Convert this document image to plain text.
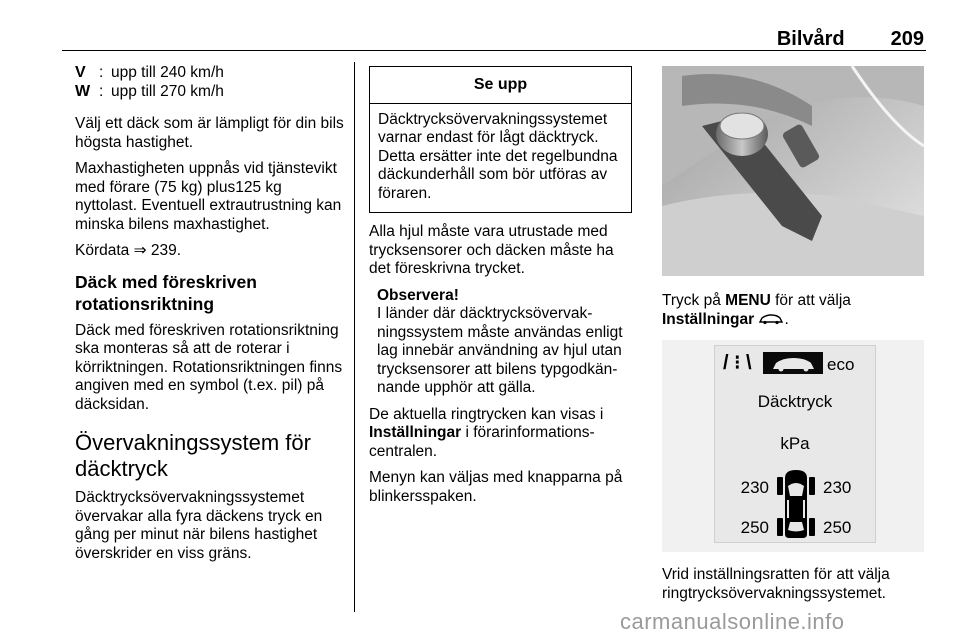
Bilvård 209
V : upp till 240 km/h
W : upp till 270 km/h

Välj ett däck som är lämpligt för din bils högsta hastighet.

Maxhastigheten uppnås vid tjänstevikt med förare (75 kg) plus125 kg nyttolast. Eventuell extrautrustning kan minska bilens maxhastighet.

Kördata ⇒ 239.

Däck med föreskriven rotationsriktning

Däck med föreskriven rotationsriktning ska monteras så att de roterar i körriktningen. Rotationsriktningen finns angiven med en symbol (t.ex. pil) på däcksidan.

Övervakningssystem för däcktryck

Däcktrycksövervakningssystemet övervakar alla fyra däckens tryck en gång per minut när bilens hastighet överskrider en viss gräns.

Se upp
Däcktrycksövervakningssystemet varnar endast för lågt däcktryck. Detta ersätter inte det regelbundna däckunderhåll som bör utföras av föraren.

Alla hjul måste vara utrustade med trycksensorer och däcken måste ha det föreskrivna trycket.

Observera!
I länder där däcktrycksövervakningssystem måste användas enligt lag innebär användning av hjul utan trycksensorer att bilens typgodkännande upphör att gälla.

De aktuella ringtrycken kan visas i Inställningar i förarinformationscentralen.

Menyn kan väljas med knapparna på blinkersspaken.

Tryck på MENU för att välja
Inställningar .
/ ⁝ \	eco
Däcktryck
kPa
230	230
250	250
Vrid inställningsratten för att välja ringtrycksövervakningssystemet.
carmanualsonline.info
